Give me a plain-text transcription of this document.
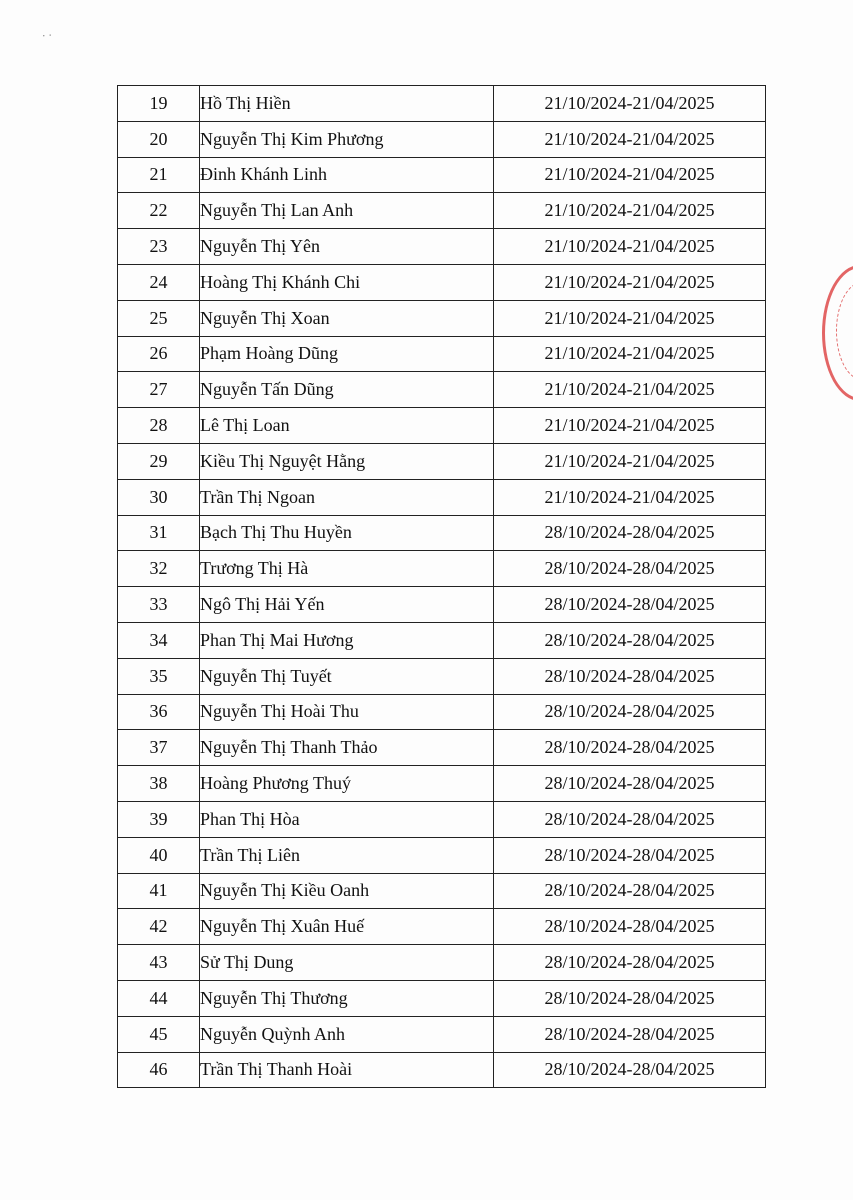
· ·
19	Hồ Thị Hiền	21/10/2024-21/04/2025
20	Nguyễn Thị Kim Phương	21/10/2024-21/04/2025
21	Đinh Khánh Linh	21/10/2024-21/04/2025
22	Nguyễn Thị Lan Anh	21/10/2024-21/04/2025
23	Nguyễn Thị Yên	21/10/2024-21/04/2025
24	Hoàng Thị Khánh Chi	21/10/2024-21/04/2025
25	Nguyễn Thị Xoan	21/10/2024-21/04/2025
26	Phạm Hoàng Dũng	21/10/2024-21/04/2025
27	Nguyễn Tấn Dũng	21/10/2024-21/04/2025
28	Lê Thị Loan	21/10/2024-21/04/2025
29	Kiều Thị Nguyệt Hằng	21/10/2024-21/04/2025
30	Trần Thị Ngoan	21/10/2024-21/04/2025
31	Bạch Thị Thu Huyền	28/10/2024-28/04/2025
32	Trương Thị Hà	28/10/2024-28/04/2025
33	Ngô Thị Hải Yến	28/10/2024-28/04/2025
34	Phan Thị Mai Hương	28/10/2024-28/04/2025
35	Nguyễn Thị Tuyết	28/10/2024-28/04/2025
36	Nguyễn Thị Hoài Thu	28/10/2024-28/04/2025
37	Nguyễn Thị Thanh Thảo	28/10/2024-28/04/2025
38	Hoàng Phương Thuý	28/10/2024-28/04/2025
39	Phan Thị Hòa	28/10/2024-28/04/2025
40	Trần Thị Liên	28/10/2024-28/04/2025
41	Nguyễn Thị Kiều Oanh	28/10/2024-28/04/2025
42	Nguyễn Thị Xuân Huế	28/10/2024-28/04/2025
43	Sử Thị Dung	28/10/2024-28/04/2025
44	Nguyễn Thị Thương	28/10/2024-28/04/2025
45	Nguyễn Quỳnh Anh	28/10/2024-28/04/2025
46	Trần Thị Thanh Hoài	28/10/2024-28/04/2025
